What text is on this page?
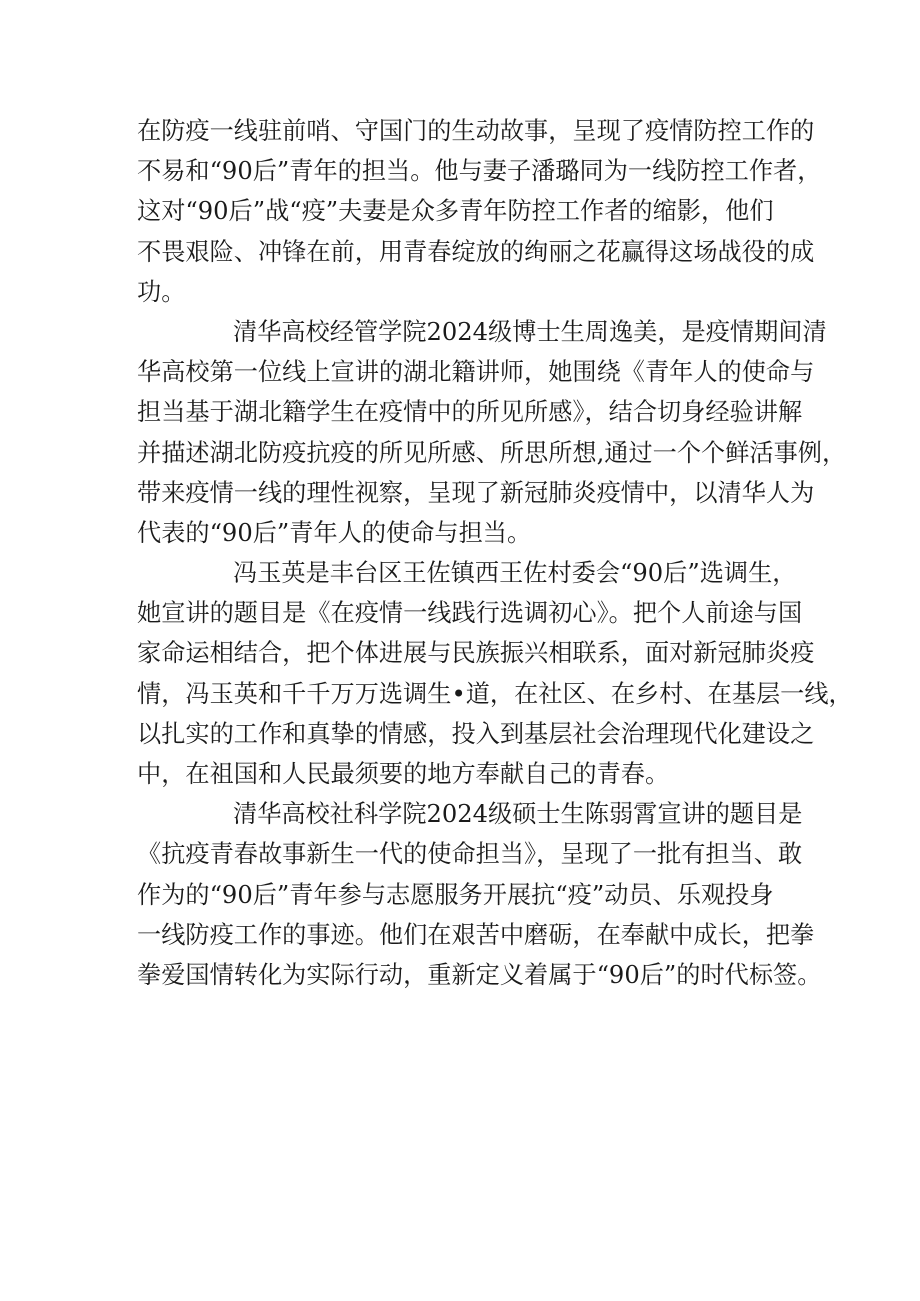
在防疫一线驻前哨、守国门的生动故事，呈现了疫情防控工作的
不易和“90后”青年的担当。他与妻子潘璐同为一线防控工作者，
这对“90后”战“疫”夫妻是众多青年防控工作者的缩影，他们
不畏艰险、冲锋在前，用青春绽放的绚丽之花赢得这场战役的成
功。
清华高校经管学院2024级博士生周逸美，是疫情期间清
华高校第一位线上宣讲的湖北籍讲师，她围绕《青年人的使命与
担当基于湖北籍学生在疫情中的所见所感》，结合切身经验讲解
并描述湖北防疫抗疫的所见所感、所思所想,通过一个个鲜活事例，
带来疫情一线的理性视察，呈现了新冠肺炎疫情中，以清华人为
代表的“90后”青年人的使命与担当。
冯玉英是丰台区王佐镇西王佐村委会“90后”选调生，
她宣讲的题目是《在疫情一线践行选调初心》。把个人前途与国
家命运相结合，把个体进展与民族振兴相联系，面对新冠肺炎疫
情，冯玉英和千千万万选调生•道，在社区、在乡村、在基层一线，
以扎实的工作和真挚的情感，投入到基层社会治理现代化建设之
中，在祖国和人民最须要的地方奉献自己的青春。
清华高校社科学院2024级硕士生陈弱霄宣讲的题目是
《抗疫青春故事新生一代的使命担当》，呈现了一批有担当、敢
作为的“90后”青年参与志愿服务开展抗“疫”动员、乐观投身
一线防疫工作的事迹。他们在艰苦中磨砺，在奉献中成长，把拳
拳爱国情转化为实际行动，重新定义着属于“90后”的时代标签。
